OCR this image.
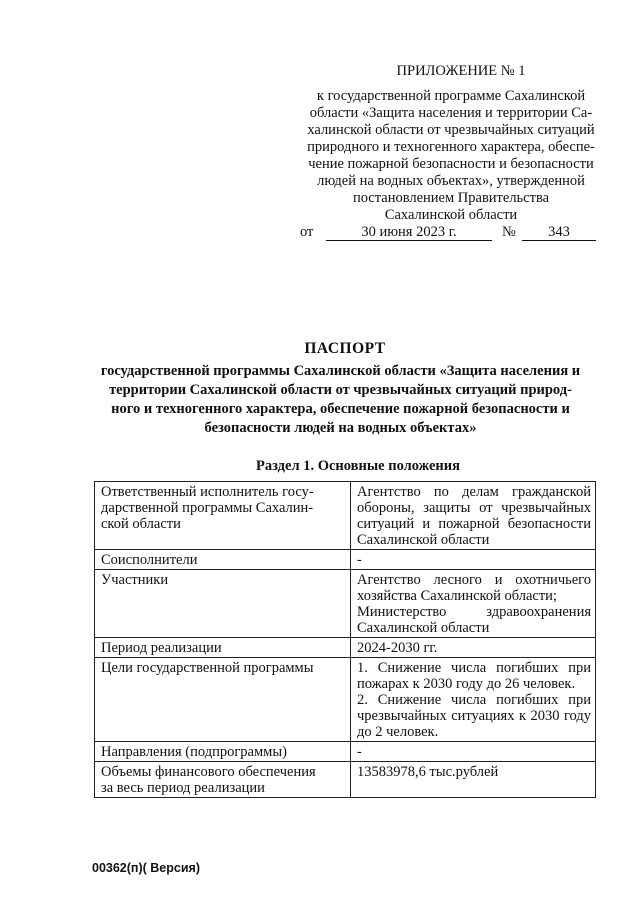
ПРИЛОЖЕНИЕ № 1
к государственной программе Сахалинской
области «Защита населения и территории Са-
халинской области от чрезвычайных ситуаций
природного и техногенного характера, обеспе-
чение пожарной безопасности и безопасности
людей на водных объектах», утвержденной
постановлением Правительства
Сахалинской области
от	30 июня 2023 г.	№	343
ПАСПОРТ
государственной программы Сахалинской области «Защита населения и
территории Сахалинской области от чрезвычайных ситуаций природ-
ного и техногенного характера, обеспечение пожарной безопасности и
безопасности людей на водных объектах»
Раздел 1. Основные положения
Ответственный исполнитель госу-
дарственной программы Сахалин-
ской области	Агентство по делам гражданской обороны, защиты от чрезвычайных ситуаций и пожарной безопасности Сахалинской области

Соисполнители	-

Участники	Агентство лесного и охотничьего хозяйства Сахалинской области;
Министерство здравоохранения Сахалинской области

Период реализации	2024-2030 гг.

Цели государственной программы	1. Снижение числа погибших при пожарах к 2030 году до 26 человек.
2. Снижение числа погибших при чрезвычайных ситуациях к 2030 году до 2 человек.

Направления (подпрограммы)	-

Объемы финансового обеспечения
за весь период реализации	13583978,6 тыс.рублей
00362(п)( Версия)
